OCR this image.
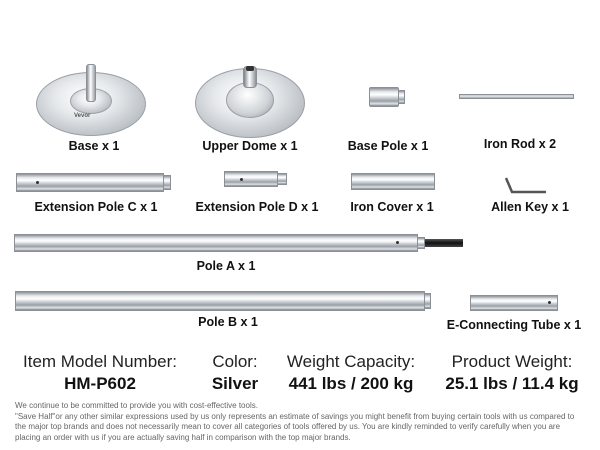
Vevor
Base x 1	Upper Dome x 1	Base Pole x 1	Iron Rod x 2
Extension Pole C x 1	Extension Pole D x 1	Iron Cover x 1	Allen Key x 1
Pole A x 1
Pole B x 1	E-Connecting Tube x 1
Item Model Number:
HM-P602
Color:
Silver
Weight Capacity:
441 lbs / 200 kg
Product Weight:
25.1 lbs / 11.4 kg

We continue to be committed to provide you with cost-effective tools.

"Save Half"or any other similar expressions used by us only represents an estimate of savings you might benefit from buying certain tools with us compared to the major top brands and does not necessarily mean to cover all categories of tools offered by us. You are kindly reminded to verify carefully when you are placing an order with us if you are actually saving half in comparison with the top major brands.
